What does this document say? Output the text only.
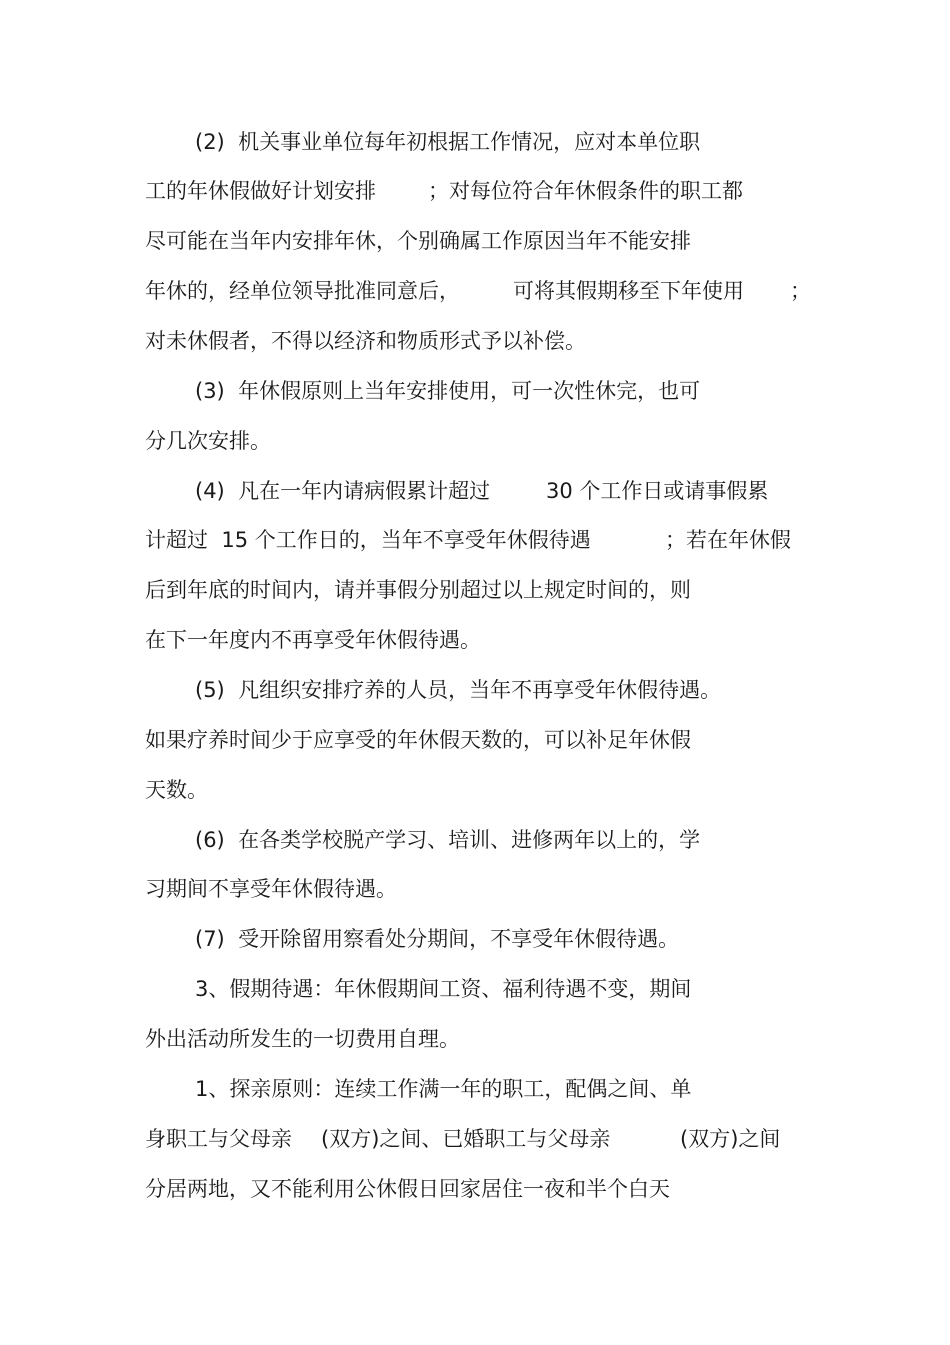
(2)  机关事业单位每年初根据工作情况，应对本单位职

工的年休假做好计划安排

；对每位符合年休假条件的职工都

尽可能在当年内安排年休，个别确属工作原因当年不能安排

年休的，经单位领导批准同意后，

	可将其假期移至下年使用

；

对未休假者，不得以经济和物质形式予以补偿。

(3)  年休假原则上当年安排使用，可一次性休完，也可

分几次安排。

(4)  凡在一年内请病假累计超过

	30 个工作日或请事假累

计超过  15 个工作日的，当年不享受年休假待遇

	；若在年休假

后到年底的时间内，请并事假分别超过以上规定时间的，则

在下一年度内不再享受年休假待遇。

(5)  凡组织安排疗养的人员，当年不再享受年休假待遇。

如果疗养时间少于应享受的年休假天数的，可以补足年休假

天数。

(6)  在各类学校脱产学习、培训、进修两年以上的，学

习期间不享受年休假待遇。

(7)  受开除留用察看处分期间，不享受年休假待遇。

3、假期待遇：年休假期间工资、福利待遇不变，期间

外出活动所发生的一切费用自理。

1、探亲原则：连续工作满一年的职工，配偶之间、单

身职工与父母亲

(双方)之间、已婚职工与父母亲

	(双方)之间

分居两地，又不能利用公休假日回家居住一夜和半个白天
